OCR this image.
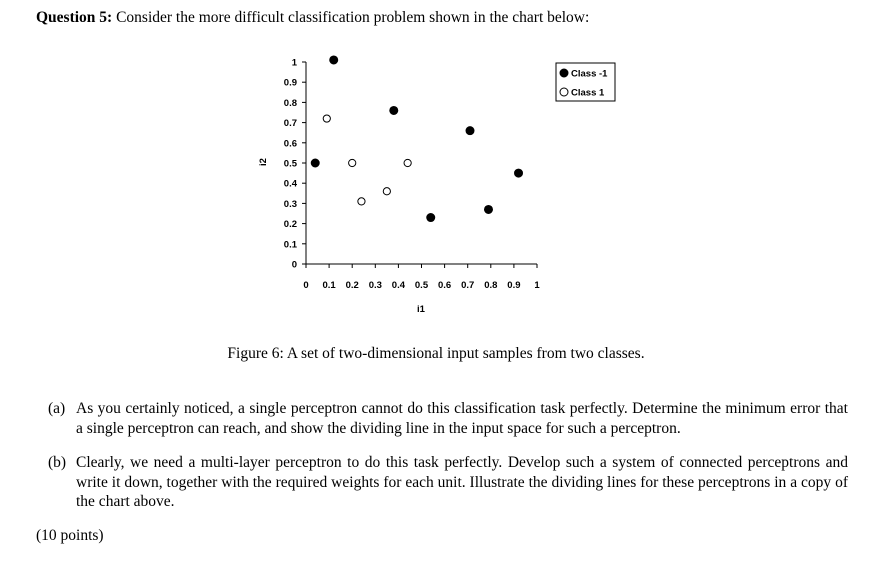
Question 5: Consider the more difficult classification problem shown in the chart below:
0
0.1
0.2
0.3
0.4
0.5
0.6
0.7
0.8
0.9
1
0 0.1 0.2 0.3 0.4 0.5 0.6 0.7 0.8 0.9 1
i1
i2
Class -1
Class 1
Figure 6: A set of two-dimensional input samples from two classes.
(a) As you certainly noticed, a single perceptron cannot do this classification task perfectly. Determine the minimum error that a single perceptron can reach, and show the dividing line in the input space for such a perceptron.
(b) Clearly, we need a multi-layer perceptron to do this task perfectly. Develop such a system of connected perceptrons and write it down, together with the required weights for each unit. Illustrate the dividing lines for these perceptrons in a copy of the chart above.
(10 points)
